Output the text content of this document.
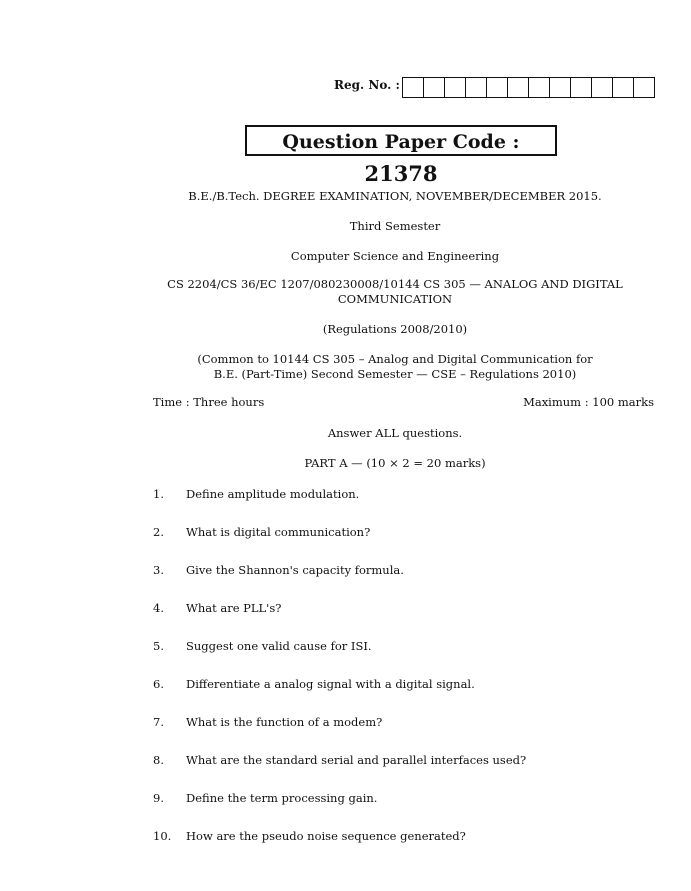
Reg. No. :
Question Paper Code : 21378
B.E./B.Tech. DEGREE EXAMINATION, NOVEMBER/DECEMBER 2015.
Third Semester
Computer Science and Engineering
CS 2204/CS 36/EC 1207/080230008/10144 CS 305 — ANALOG AND DIGITAL
COMMUNICATION
(Regulations 2008/2010)
(Common to 10144 CS 305 – Analog and Digital Communication for
B.E. (Part-Time) Second Semester — CSE – Regulations 2010)
Time : Three hours	Maximum : 100 marks
Answer ALL questions.
PART A — (10 × 2 = 20 marks)
1. Define amplitude modulation.
2. What is digital communication?
3. Give the Shannon's capacity formula.
4. What are PLL's?
5. Suggest one valid cause for ISI.
6. Differentiate a analog signal with a digital signal.
7. What is the function of a modem?
8. What are the standard serial and parallel interfaces used?
9. Define the term processing gain.
10. How are the pseudo noise sequence generated?
